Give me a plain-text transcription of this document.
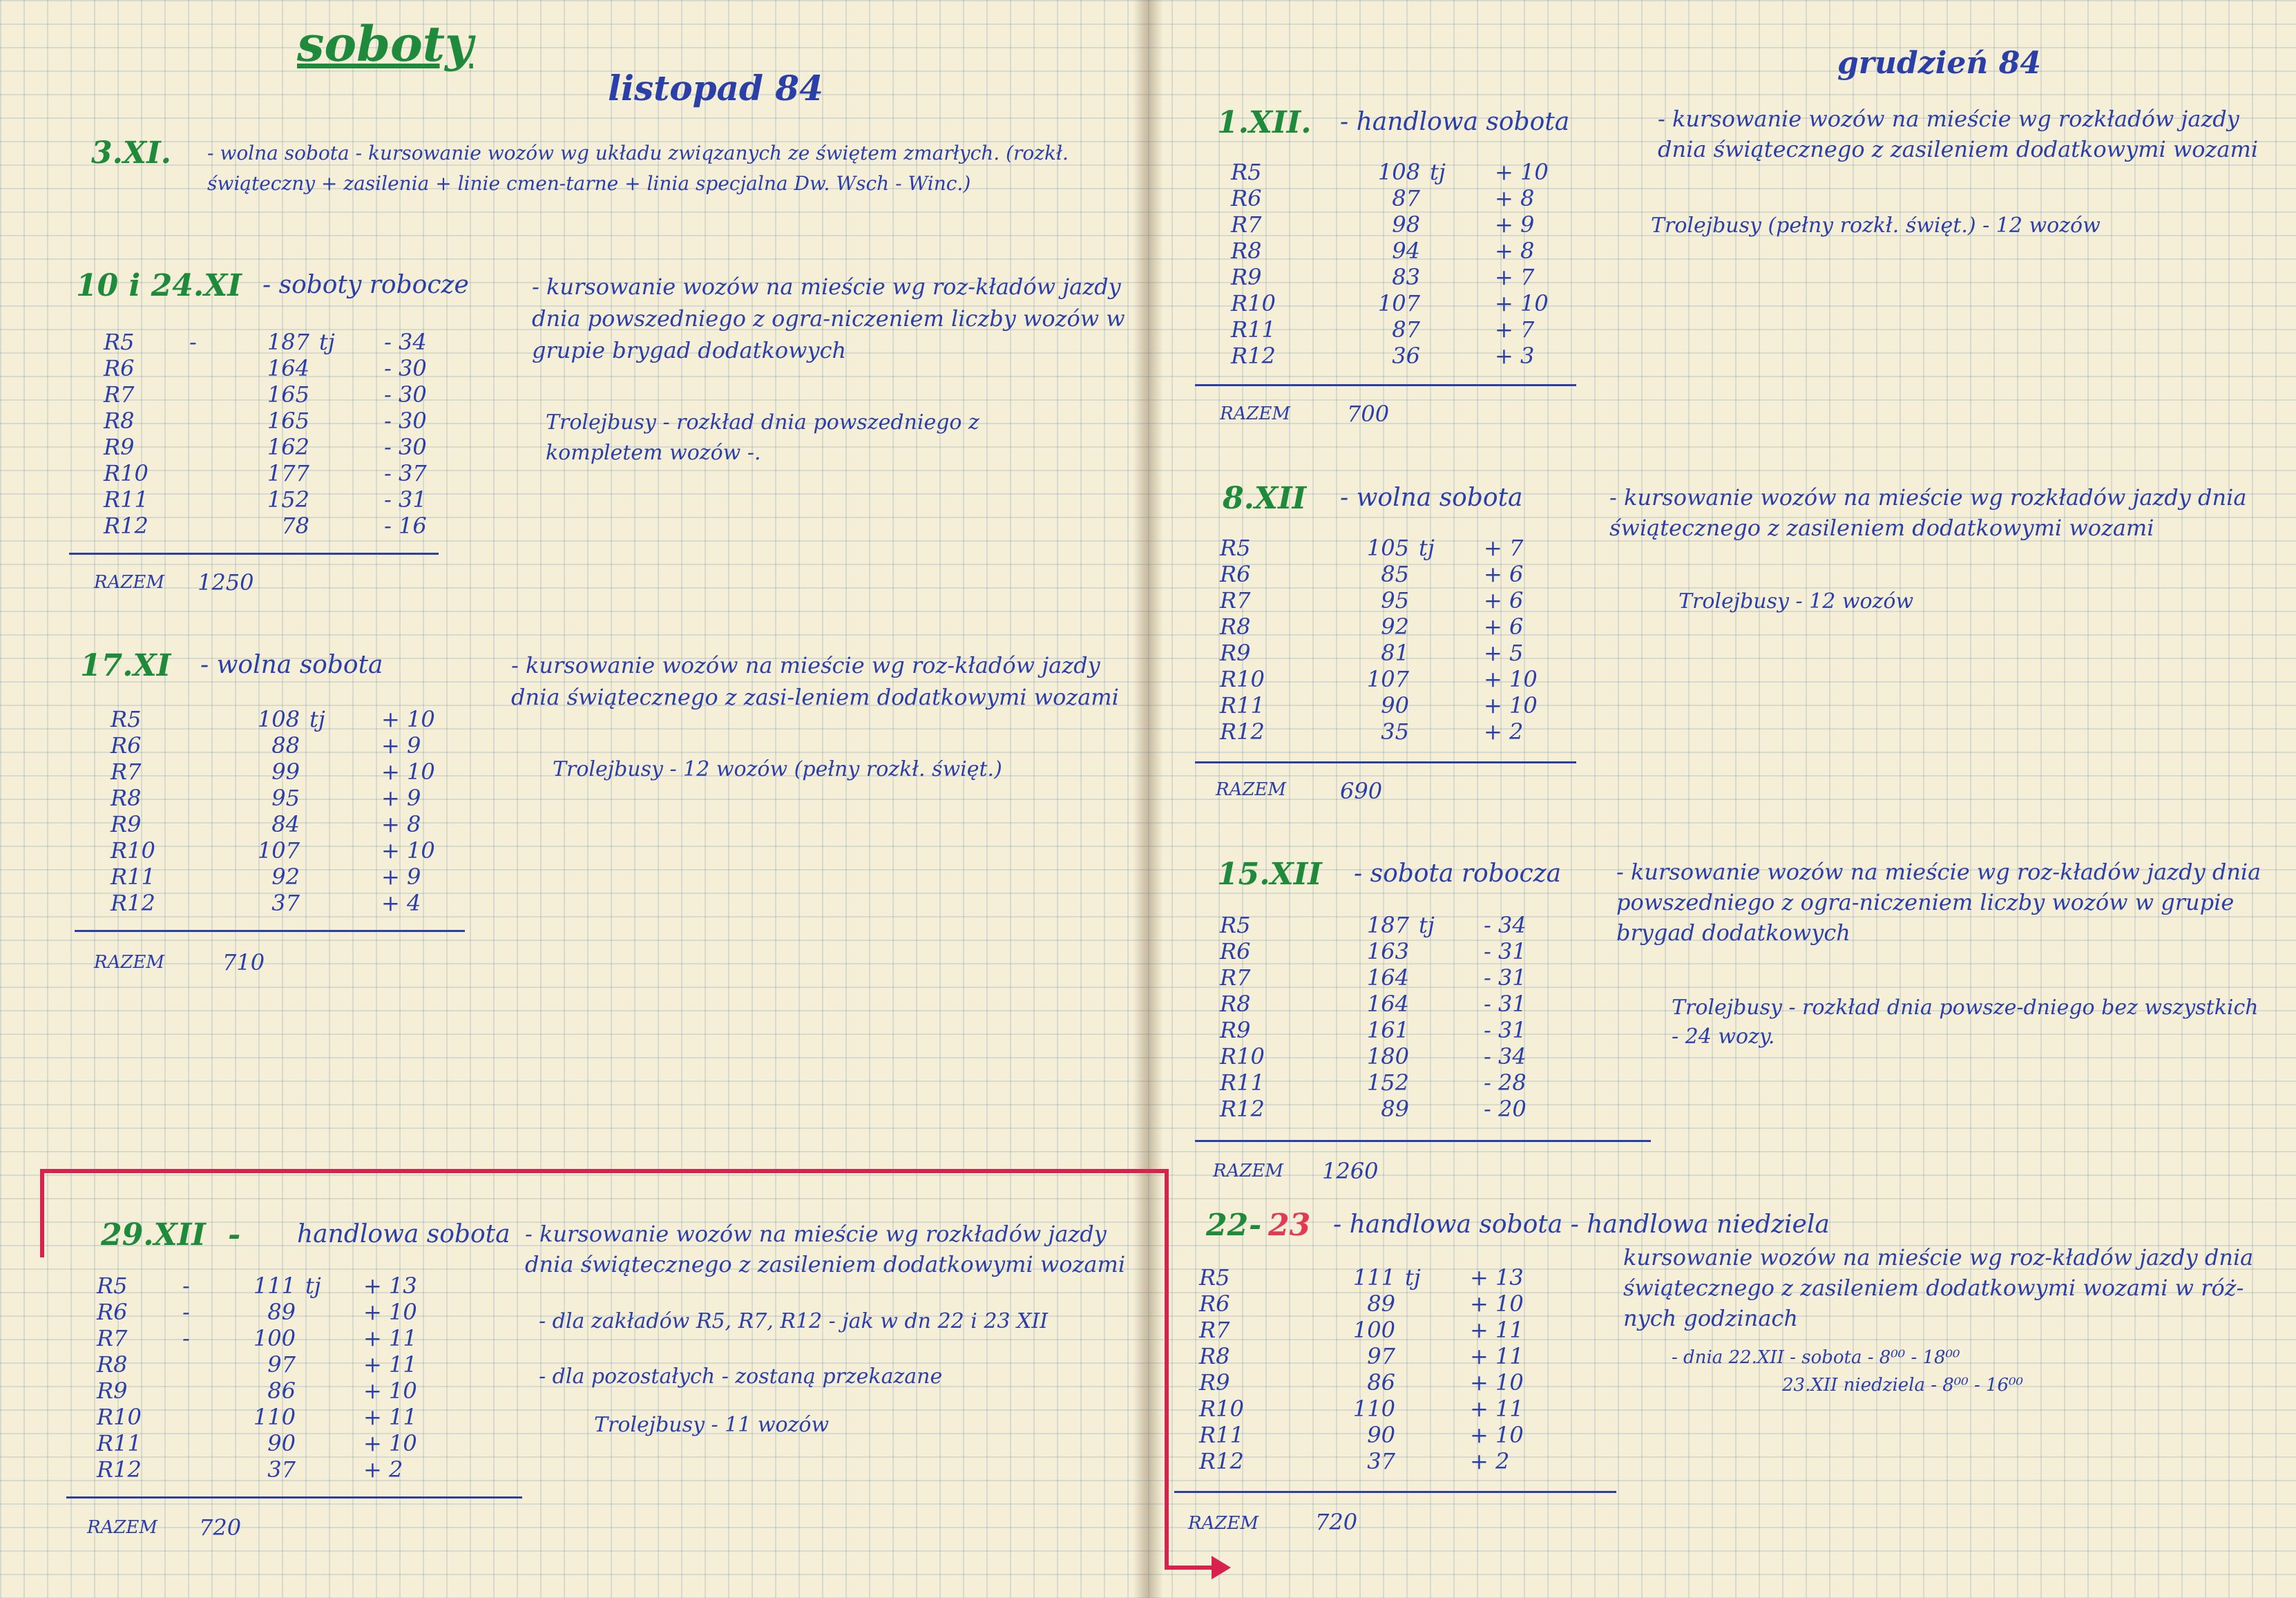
soboty
listopad 84
3.XI. - wolna sobota - kursowanie wozów wg układu zwiqzanych ze świętem zmarłych. (rozkł. świąteczny + zasilenia + linie cmen-tarne + linia specjalna Dw. Wsch - Winc.)
10 i 24.XI - soboty robocze	- kursowanie wozów na mieście wg roz-kładów jazdy dnia powszedniego z ogra-niczeniem liczby wozów w grupie brygad dodatkowych
Trolejbusy - rozkład dnia powszedniego z kompletem wozów -.
R5	-	187	tj	- 34
R6		164		- 30
R7		165		- 30
R8		165		- 30
R9		162		- 30
R10		177		- 37
R11		152		- 31
R12		78		- 16
RAZEM 1250
17.XI - wolna sobota	- kursowanie wozów na mieście wg roz-kładów jazdy dnia świątecznego z zasi-leniem dodatkowymi wozami
Trolejbusy - 12 wozów (pełny rozkł. święt.)
R5	108	tj	+ 10
R6	88		+ 9
R7	99		+ 10
R8	95		+ 9
R9	84		+ 8
R10	107		+ 10
R11	92		+ 9
R12	37		+ 4
RAZEM	710
29.XII - handlowa sobota - kursowanie wozów na mieście wg rozkładów jazdy dnia świątecznego z zasileniem dodatkowymi wozami
- dla zakładów R5, R7, R12 - jak w dn 22 i 23 XII
- dla pozostałych - zostaną przekazane
Trolejbusy - 11 wozów
R5	-	111	tj	+ 13
R6	-	89		+ 10
R7	-	100		+ 11
R8		97		+ 11
R9		86		+ 10
R10		110		+ 11
R11		90		+ 10
R12		37		+ 2
RAZEM 720
grudzień 84
1.XII. - handlowa sobota	- kursowanie wozów na mieście wg rozkładów jazdy dnia świątecznego z zasileniem dodatkowymi wozami
Trolejbusy (pełny rozkł. święt.) - 12 wozów
R5	108	tj	+ 10
R6	87		+ 8
R7	98		+ 9
R8	94		+ 8
R9	83		+ 7
R10	107		+ 10
R11	87		+ 7
R12	36		+ 3
RAZEM	700
8.XII - wolna sobota	- kursowanie wozów na mieście wg rozkładów jazdy dnia świątecznego z zasileniem dodatkowymi wozami
Trolejbusy - 12 wozów
R5	105	tj	+ 7
R6	85		+ 6
R7	95		+ 6
R8	92		+ 6
R9	81		+ 5
R10	107		+ 10
R11	90		+ 10
R12	35		+ 2
RAZEM 690
15.XII - sobota robocza - kursowanie wozów na mieście wg roz-kładów jazdy dnia powszedniego z ogra-niczeniem liczby wozów w grupie brygad dodatkowych
Trolejbusy - rozkład dnia powsze-dniego bez wszystkich - 24 wozy.
R5	187	tj	- 34
R6	163		- 31
R7	164		- 31
R8	164		- 31
R9	161		- 31
R10	180		- 34
R11	152		- 28
R12	89		- 20
RAZEM 1260
22 - 23 - handlowa sobota - handlowa niedziela
kursowanie wozów na mieście wg roz-kładów jazdy dnia świątecznego z zasileniem dodatkowymi wozami w róż-nych godzinach
- dnia 22.XII - sobota - 8⁰⁰ - 18⁰⁰
23.XII niedziela - 8⁰⁰ - 16⁰⁰
R5	111	tj	+ 13
R6	89		+ 10
R7	100		+ 11
R8	97		+ 11
R9	86		+ 10
R10	110		+ 11
R11	90		+ 10
R12	37		+ 2
RAZEM	720
